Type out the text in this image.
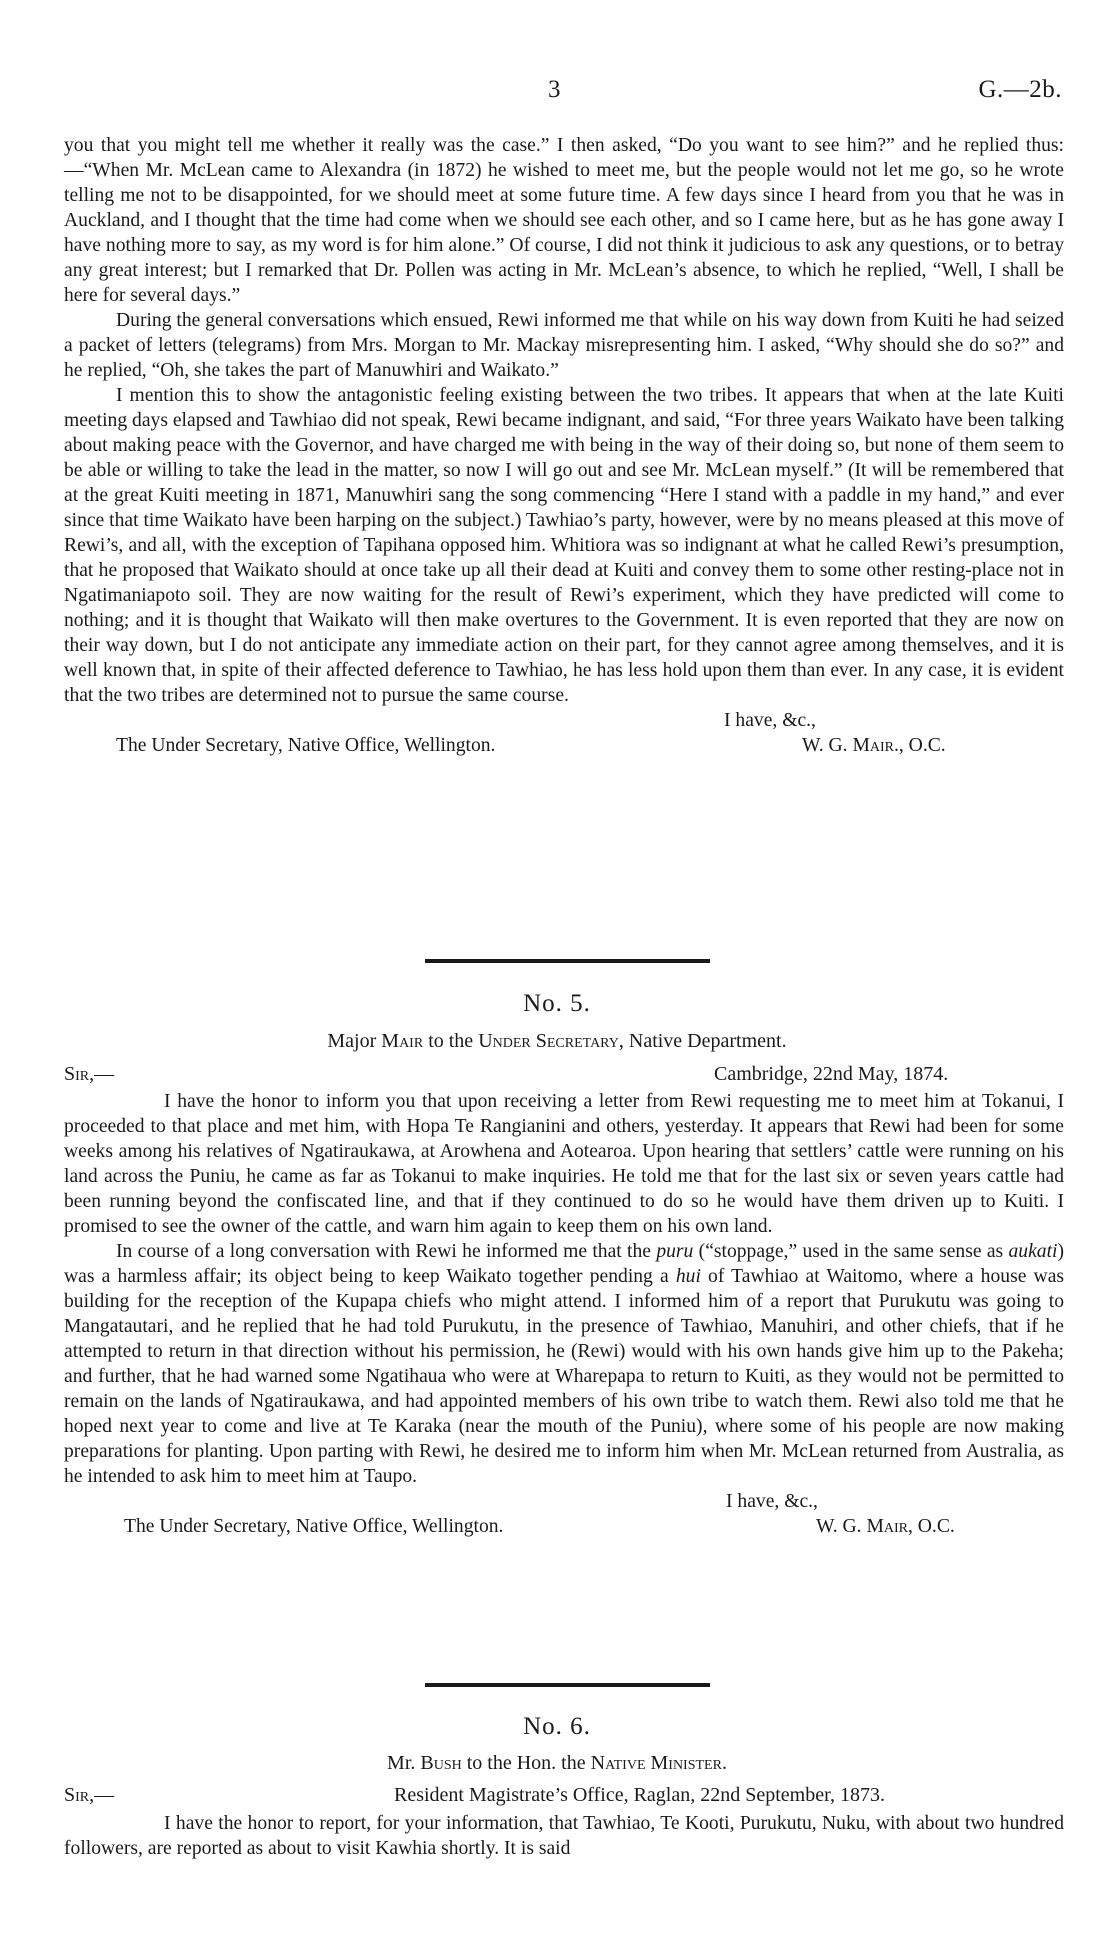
3	G.—2b.

you that you might tell me whether it really was the case.” I then asked, “Do you want to see him?” and he replied thus:—“When Mr. McLean came to Alexandra (in 1872) he wished to meet me, but the people would not let me go, so he wrote telling me not to be disappointed, for we should meet at some future time. A few days since I heard from you that he was in Auckland, and I thought that the time had come when we should see each other, and so I came here, but as he has gone away I have nothing more to say, as my word is for him alone.” Of course, I did not think it judicious to ask any questions, or to betray any great interest; but I remarked that Dr. Pollen was acting in Mr. McLean’s absence, to which he replied, “Well, I shall be here for several days.”

During the general conversations which ensued, Rewi informed me that while on his way down from Kuiti he had seized a packet of letters (telegrams) from Mrs. Morgan to Mr. Mackay misrepresenting him. I asked, “Why should she do so?” and he replied, “Oh, she takes the part of Manuwhiri and Waikato.”

I mention this to show the antagonistic feeling existing between the two tribes. It appears that when at the late Kuiti meeting days elapsed and Tawhiao did not speak, Rewi became indignant, and said, “For three years Waikato have been talking about making peace with the Governor, and have charged me with being in the way of their doing so, but none of them seem to be able or willing to take the lead in the matter, so now I will go out and see Mr. McLean myself.” (It will be remembered that at the great Kuiti meeting in 1871, Manuwhiri sang the song commencing “Here I stand with a paddle in my hand,” and ever since that time Waikato have been harping on the subject.) Tawhiao’s party, however, were by no means pleased at this move of Rewi’s, and all, with the exception of Tapihana opposed him. Whitiora was so indignant at what he called Rewi’s presumption, that he proposed that Waikato should at once take up all their dead at Kuiti and convey them to some other resting-place not in Ngatimaniapoto soil. They are now waiting for the result of Rewi’s experiment, which they have predicted will come to nothing; and it is thought that Waikato will then make overtures to the Government. It is even reported that they are now on their way down, but I do not anticipate any immediate action on their part, for they cannot agree among themselves, and it is well known that, in spite of their affected deference to Tawhiao, he has less hold upon them than ever. In any case, it is evident that the two tribes are determined not to pursue the same course.

I have, &c.,
The Under Secretary, Native Office, Wellington.	W. G. Mair., O.C.
No. 5.
Major Mair to the Under Secretary, Native Department.
Sir,—	Cambridge, 22nd May, 1874.

I have the honor to inform you that upon receiving a letter from Rewi requesting me to meet him at Tokanui, I proceeded to that place and met him, with Hopa Te Rangianini and others, yesterday. It appears that Rewi had been for some weeks among his relatives of Ngatiraukawa, at Arowhena and Aotearoa. Upon hearing that settlers’ cattle were running on his land across the Puniu, he came as far as Tokanui to make inquiries. He told me that for the last six or seven years cattle had been running beyond the confiscated line, and that if they continued to do so he would have them driven up to Kuiti. I promised to see the owner of the cattle, and warn him again to keep them on his own land.

In course of a long conversation with Rewi he informed me that the puru (“stoppage,” used in the same sense as aukati) was a harmless affair; its object being to keep Waikato together pending a hui of Tawhiao at Waitomo, where a house was building for the reception of the Kupapa chiefs who might attend. I informed him of a report that Purukutu was going to Mangatautari, and he replied that he had told Purukutu, in the presence of Tawhiao, Manuhiri, and other chiefs, that if he attempted to return in that direction without his permission, he (Rewi) would with his own hands give him up to the Pakeha; and further, that he had warned some Ngatihaua who were at Wharepapa to return to Kuiti, as they would not be permitted to remain on the lands of Ngatiraukawa, and had appointed members of his own tribe to watch them. Rewi also told me that he hoped next year to come and live at Te Karaka (near the mouth of the Puniu), where some of his people are now making preparations for planting. Upon parting with Rewi, he desired me to inform him when Mr. McLean returned from Australia, as he intended to ask him to meet him at Taupo.

I have, &c.,
The Under Secretary, Native Office, Wellington.	W. G. Mair, O.C.
No. 6.
Mr. Bush to the Hon. the Native Minister.
Sir,—	Resident Magistrate’s Office, Raglan, 22nd September, 1873.

I have the honor to report, for your information, that Tawhiao, Te Kooti, Purukutu, Nuku, with about two hundred followers, are reported as about to visit Kawhia shortly. It is said
